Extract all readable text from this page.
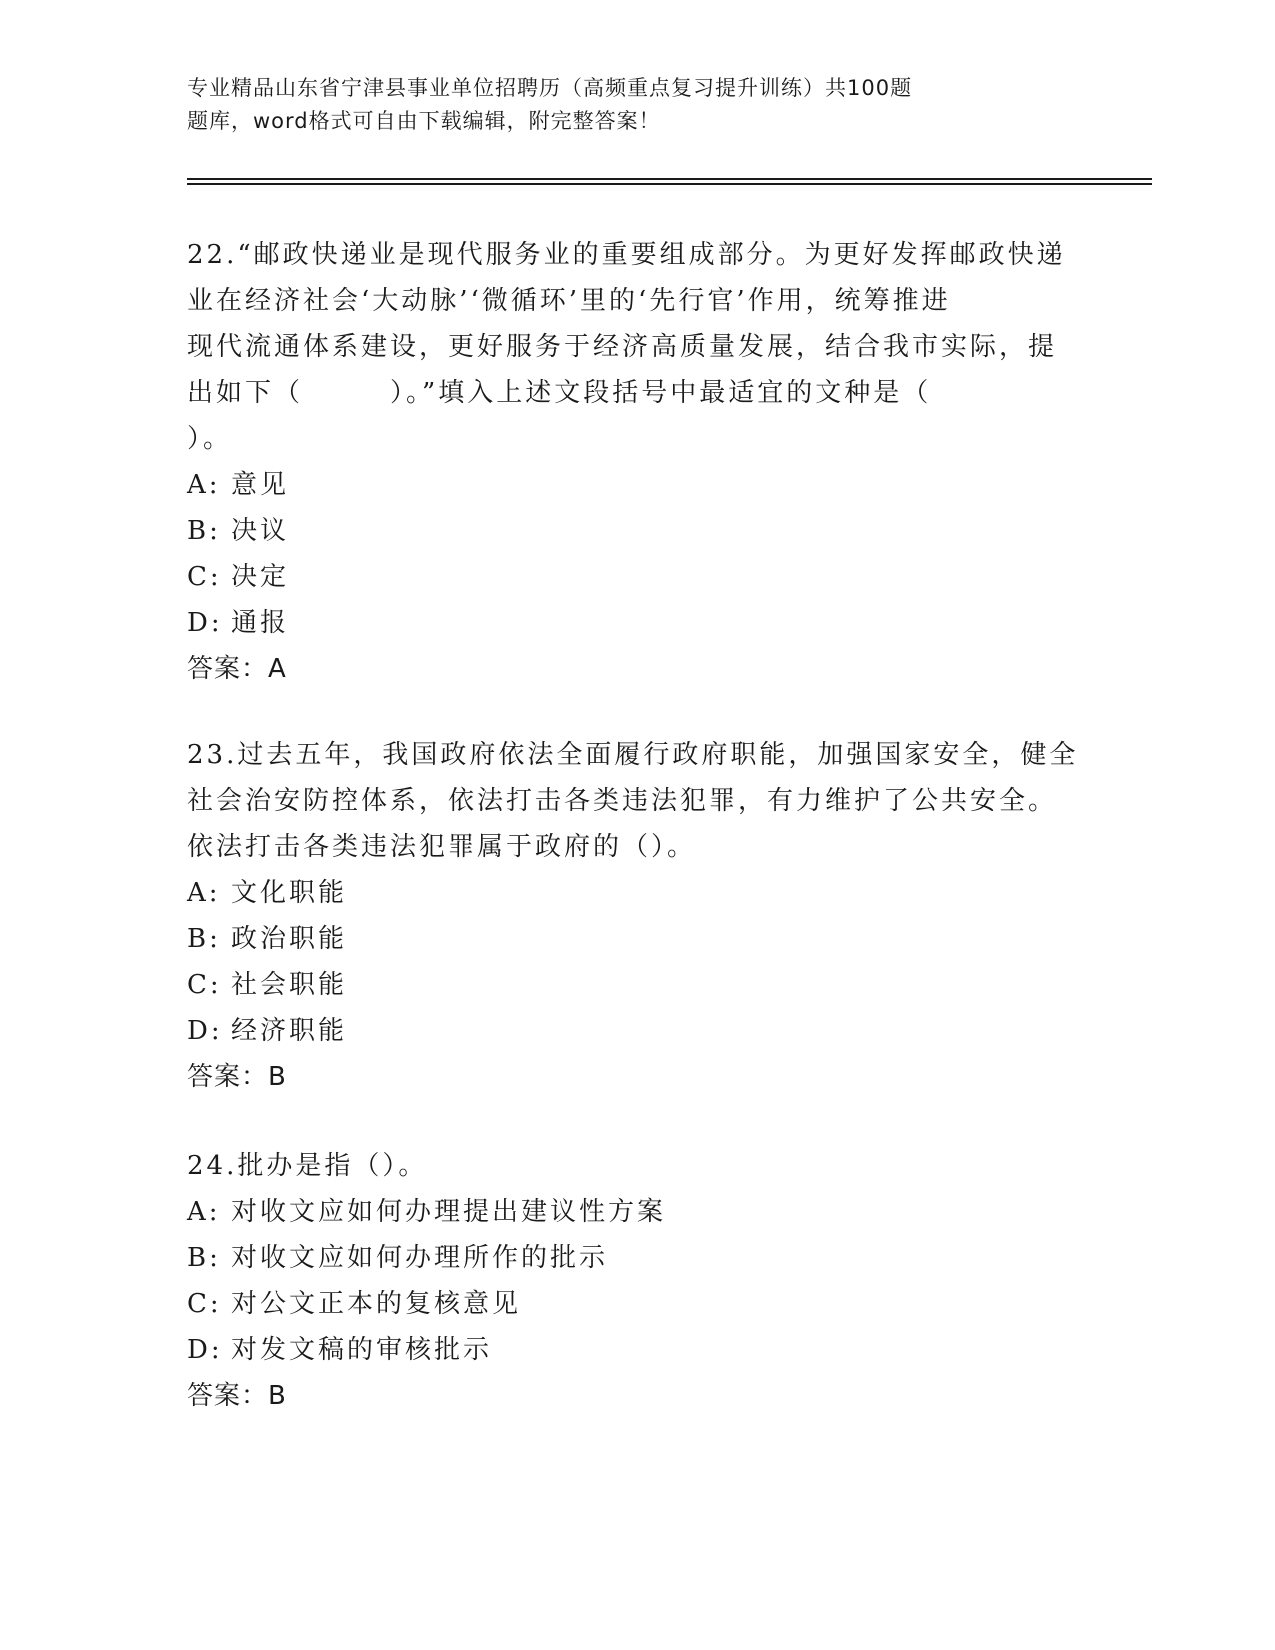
专业精品山东省宁津县事业单位招聘历（高频重点复习提升训练）共100题
题库，word格式可自由下载编辑，附完整答案！
22.“邮政快递业是现代服务业的重要组成部分。为更好发挥邮政快递
业在经济社会‘大动脉’‘微循环’里的‘先行官’作用，统筹推进
现代流通体系建设，更好服务于经济高质量发展，结合我市实际，提
出如下（　　　）。”填入上述文段括号中最适宜的文种是（
）。
A: 意见
B: 决议
C: 决定
D: 通报
答案：A
23.过去五年，我国政府依法全面履行政府职能，加强国家安全，健全
社会治安防控体系，依法打击各类违法犯罪，有力维护了公共安全。
依法打击各类违法犯罪属于政府的（）。
A: 文化职能
B: 政治职能
C: 社会职能
D: 经济职能
答案：B
24.批办是指（）。
A: 对收文应如何办理提出建议性方案
B: 对收文应如何办理所作的批示
C: 对公文正本的复核意见
D: 对发文稿的审核批示
答案：B
